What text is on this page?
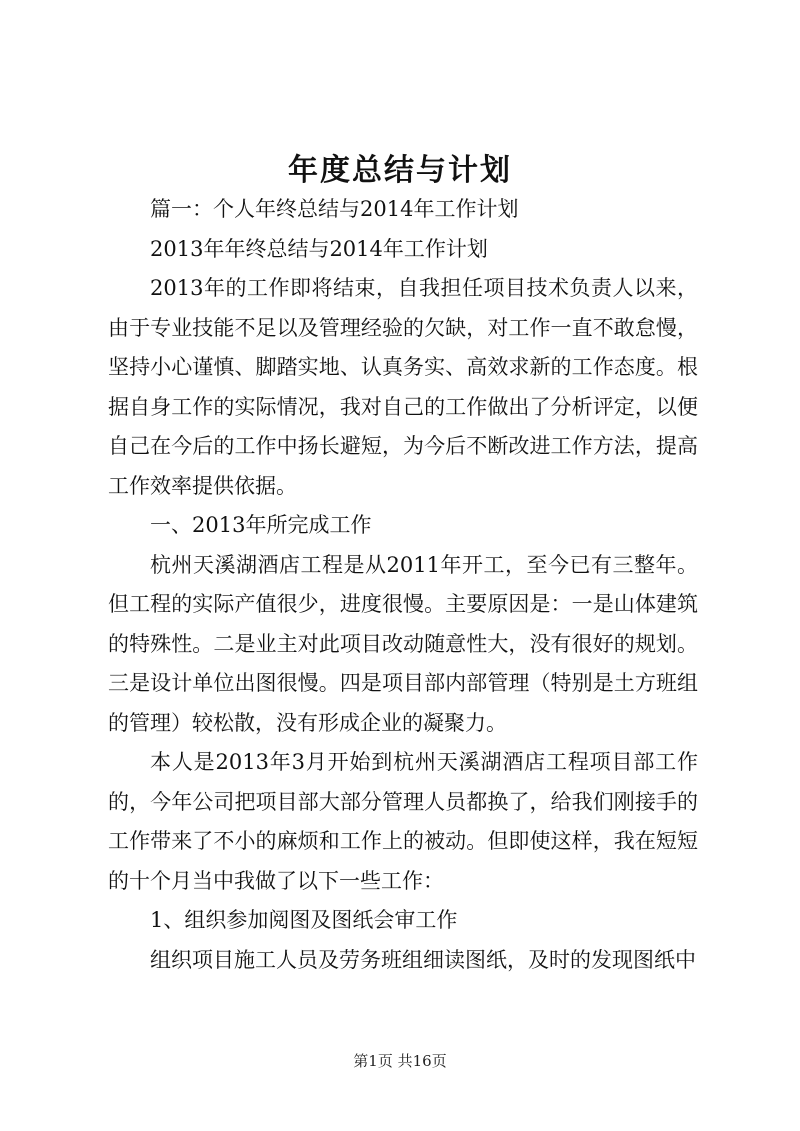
年度总结与计划

篇一：个人年终总结与2014年工作计划

2013年年终总结与2014年工作计划

2013年的工作即将结束，自我担任项目技术负责人以来，由于专业技能不足以及管理经验的欠缺，对工作一直不敢怠慢，坚持小心谨慎、脚踏实地、认真务实、高效求新的工作态度。根据自身工作的实际情况，我对自己的工作做出了分析评定，以便自己在今后的工作中扬长避短，为今后不断改进工作方法，提高工作效率提供依据。

一、2013年所完成工作

杭州天溪湖酒店工程是从2011年开工，至今已有三整年。但工程的实际产值很少，进度很慢。主要原因是：一是山体建筑的特殊性。二是业主对此项目改动随意性大，没有很好的规划。三是设计单位出图很慢。四是项目部内部管理（特别是土方班组的管理）较松散，没有形成企业的凝聚力。

本人是2013年3月开始到杭州天溪湖酒店工程项目部工作的，今年公司把项目部大部分管理人员都换了，给我们刚接手的工作带来了不小的麻烦和工作上的被动。但即使这样，我在短短的十个月当中我做了以下一些工作：

1、组织参加阅图及图纸会审工作

组织项目施工人员及劳务班组细读图纸，及时的发现图纸中

第1页 共16页
